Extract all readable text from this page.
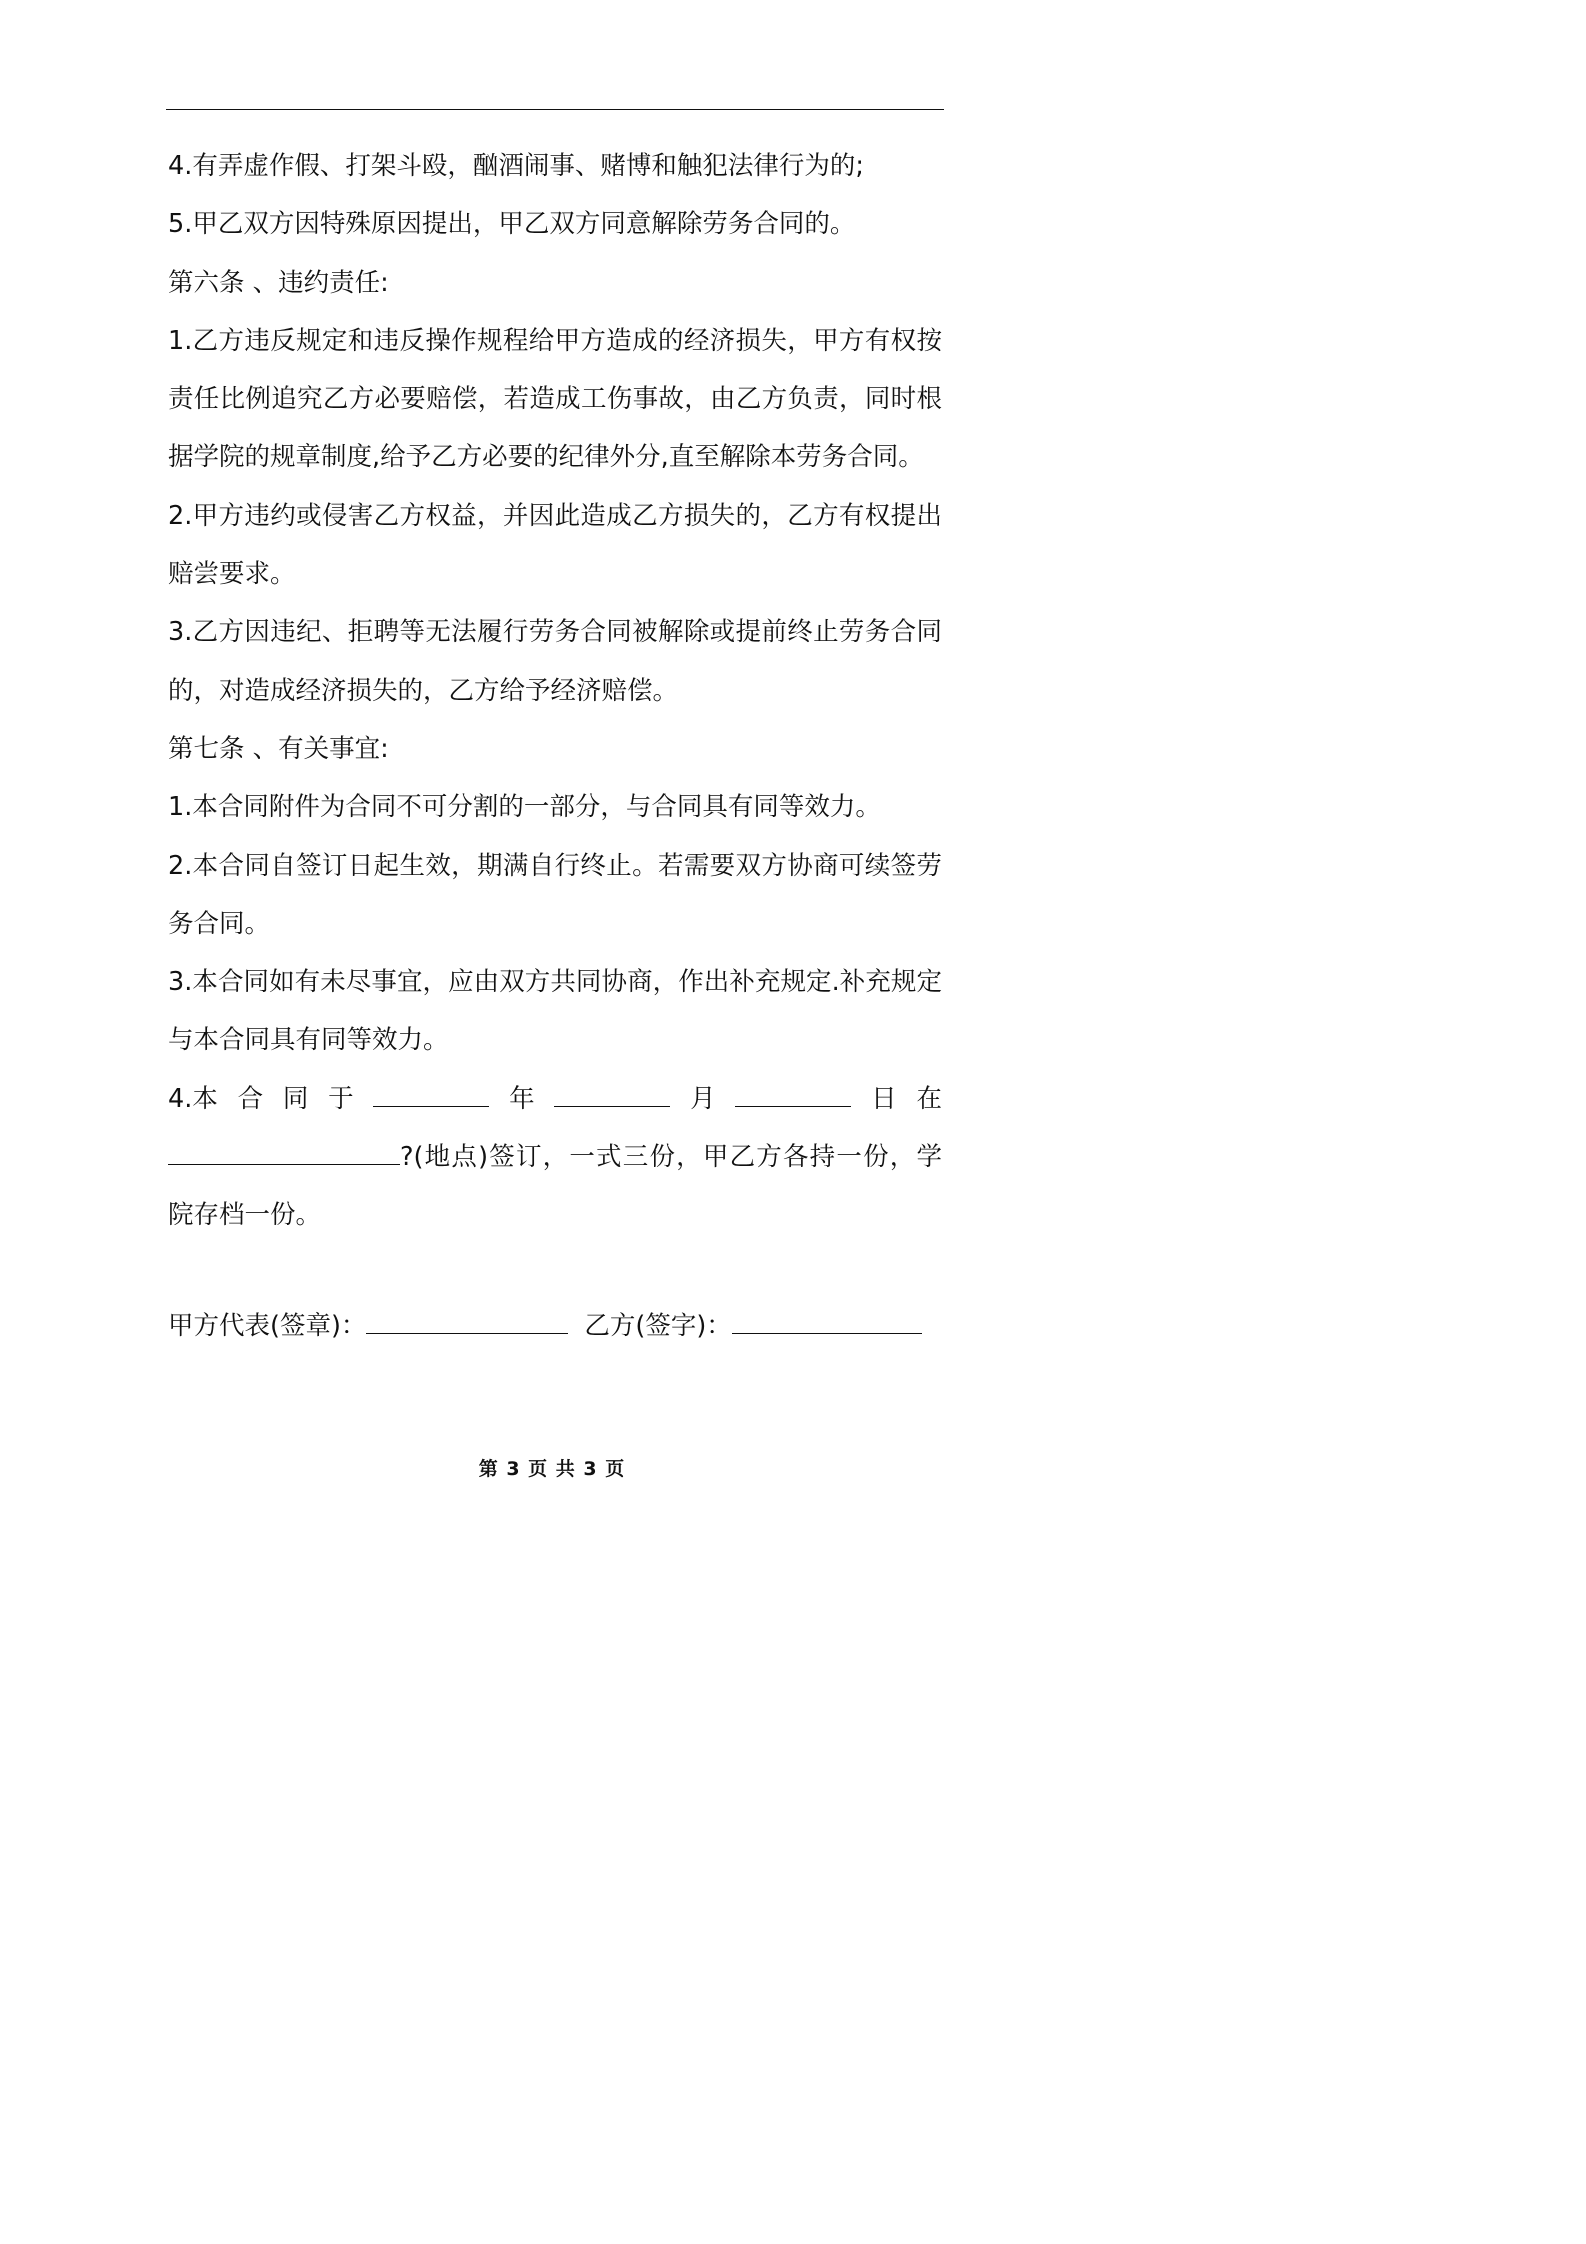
4.有弄虚作假、打架斗殴，酗酒闹事、赌博和触犯法律行为的;

5.甲乙双方因特殊原因提出，甲乙双方同意解除劳务合同的。

第六条 、违约责任:

1.乙方违反规定和违反操作规程给甲方造成的经济损失，甲方有权按责任比例追究乙方必要赔偿，若造成工伤事故，由乙方负责，同时根据学院的规章制度,给予乙方必要的纪律外分,直至解除本劳务合同。

2.甲方违约或侵害乙方权益，并因此造成乙方损失的，乙方有权提出赔尝要求。

3.乙方因违纪、拒聘等无法履行劳务合同被解除或提前终止劳务合同的，对造成经济损失的，乙方给予经济赔偿。

第七条 、有关事宜:

1.本合同附件为合同不可分割的一部分，与合同具有同等效力。

2.本合同自签订日起生效，期满自行终止。若需要双方协商可续签劳务合同。

3.本合同如有未尽事宜，应由双方共同协商，作出补充规定.补充规定与本合同具有同等效力。

4.本 合 同 于	年	月	日 在

?(地点)签订，一式三份，甲乙方各持一份，学院存档一份。

甲方代表(签章)：	乙方(签字)：
第 3 页 共 3 页
